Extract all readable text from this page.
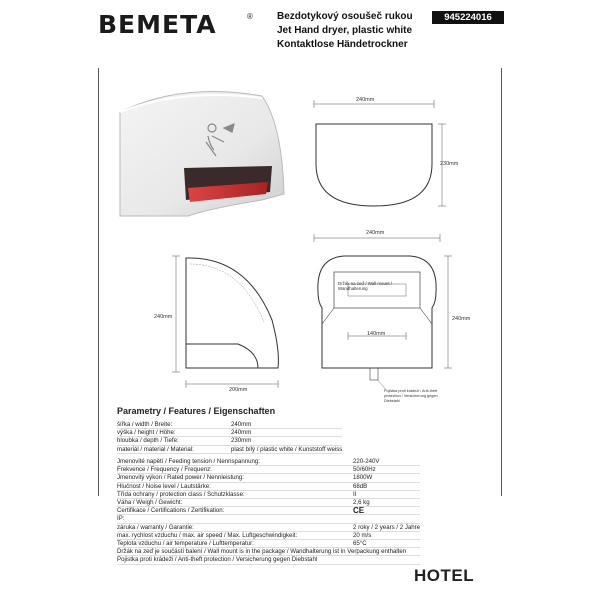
BEMETA	® Bezdotykový osoušeč rukou
Jet Hand dryer, plastic white
Kontaktlose Händetrockner
945224016
240mm
230mm
240mm
200mm
240mm
240mm
140mm
Držák na zeď / Wall mount / Wandhalterung
Pojistka proti krádeži / Anti-theft protection / Versicherung gegen Diebstahl
Parametry / Features / Eigenschaften
šířka / width / Breite:	240mm
výška / height / Höhe:	240mm
hloubka / depth / Tiefe:	230mm
materiál / material / Material:	plast bílý / plastic white / Kunststoff weiss
Jmenovité napětí / Feeding tension / Nennspannung:	220-240V
Frekvence / Frequency / Frequenz:	50/60Hz
Jmenovitý výkon / Rated power / Nennleistung:	1800W
Hlučnost / Noise level / Lautstärke:	68dB
Třída ochrany / protection class / Schutzklasse:	II
Váha / Weigh / Gewicht:	2,6 kg
Certifikace / Certifications / Zertifikation:	CE
IP:	
záruka / warranty / Garantie:	2 roky / 2 years / 2 Jahre
max. rychlost vzduchu / max. air speed / Max. Luftgeschwindigkeit:	20 m/s
Teplota vzduchu / air temperature / Lufttemperatur:	65°C
Držák na zeď je součástí balení / Wall mount is in the package / Wandhalterung ist in Verpackung enthalten	
Pojistka proti krádeži / Anti-theft protection / Versicherung gegen Diebstahl	
HOTEL
